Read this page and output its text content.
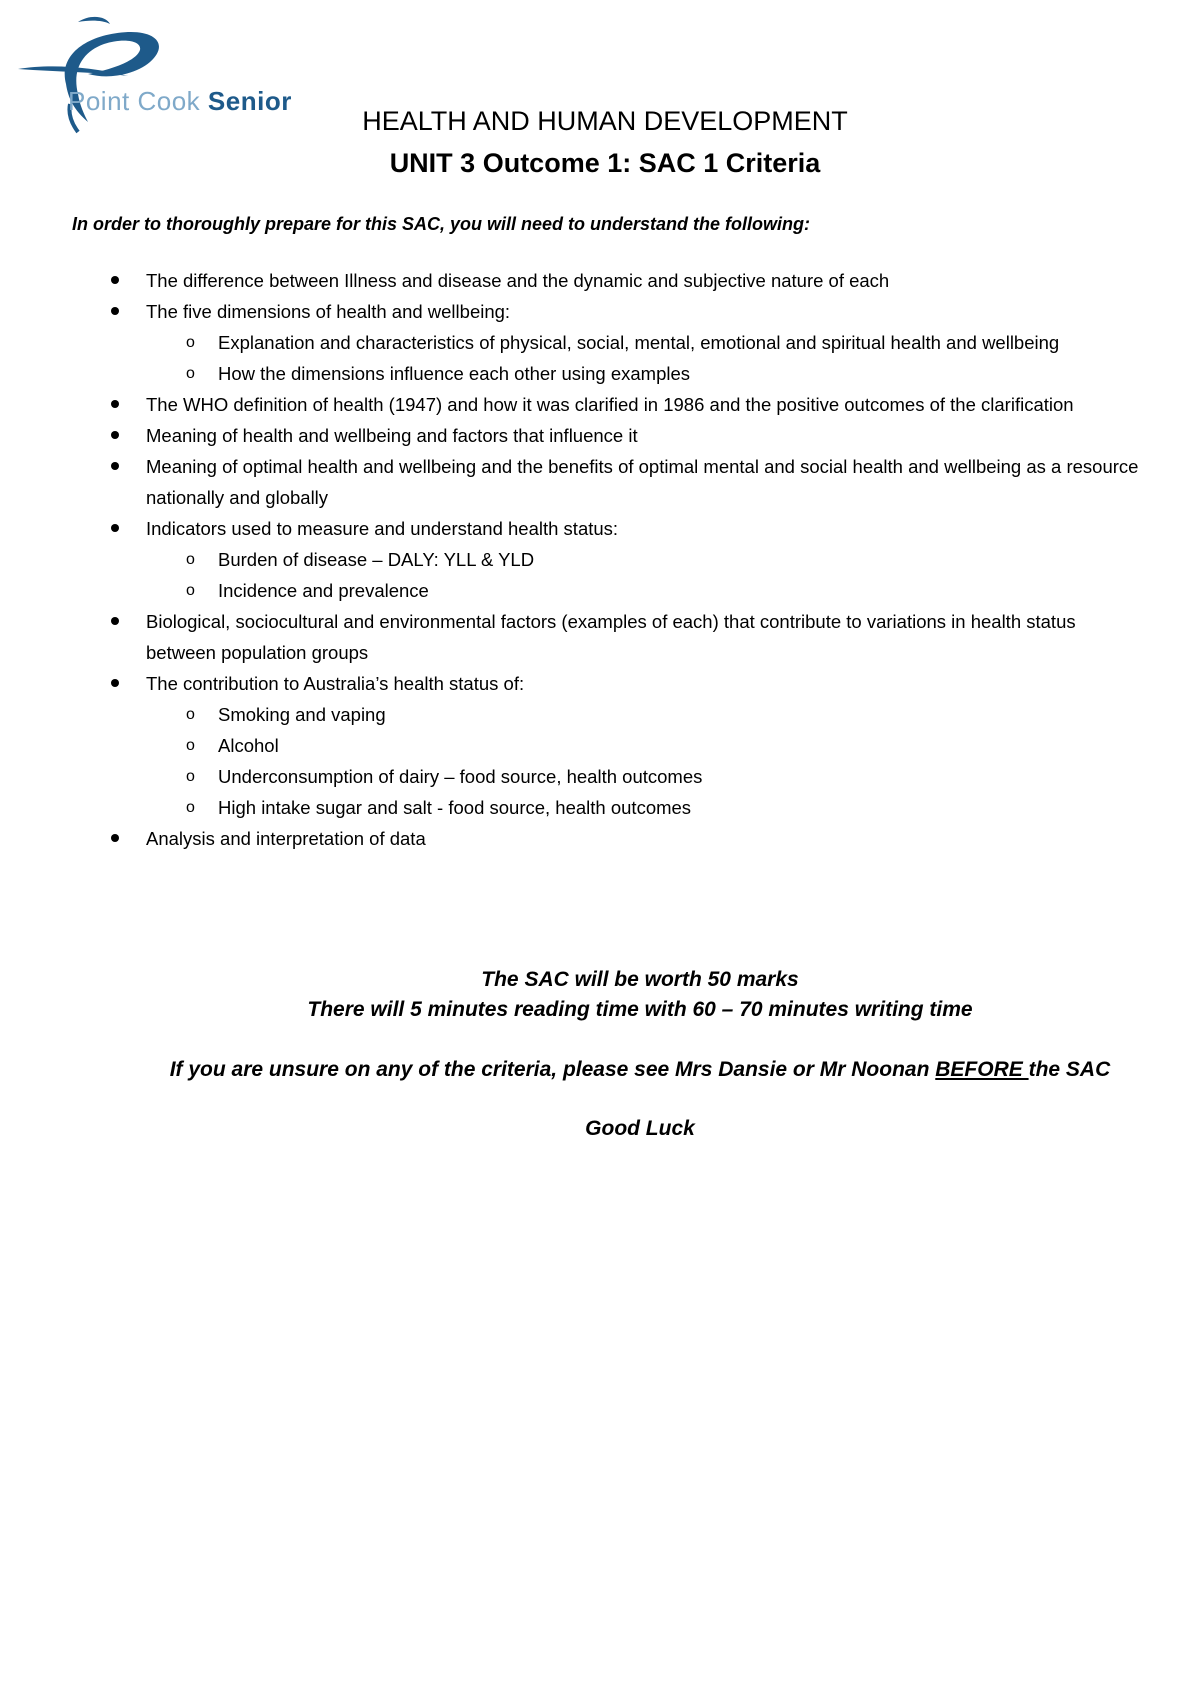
Point Cook Senior
HEALTH AND HUMAN DEVELOPMENT
UNIT 3 Outcome 1: SAC 1 Criteria
In order to thoroughly prepare for this SAC, you will need to understand the following:
The difference between Illness and disease and the dynamic and subjective nature of each
The five dimensions of health and wellbeing:
o Explanation and characteristics of physical, social, mental, emotional and spiritual health and wellbeing
o How the dimensions influence each other using examples
The WHO definition of health (1947) and how it was clarified in 1986 and the positive outcomes of the clarification
Meaning of health and wellbeing and factors that influence it
Meaning of optimal health and wellbeing and the benefits of optimal mental and social health and wellbeing as a resource nationally and globally
Indicators used to measure and understand health status:
o Burden of disease – DALY: YLL & YLD
o Incidence and prevalence
Biological, sociocultural and environmental factors (examples of each) that contribute to variations in health status between population groups
The contribution to Australia’s health status of:
o Smoking and vaping
o Alcohol
o Underconsumption of dairy – food source, health outcomes
o High intake sugar and salt - food source, health outcomes
Analysis and interpretation of data
The SAC will be worth 50 marks
There will 5 minutes reading time with 60 – 70 minutes writing time
If you are unsure on any of the criteria, please see Mrs Dansie or Mr Noonan BEFORE the SAC
Good Luck
